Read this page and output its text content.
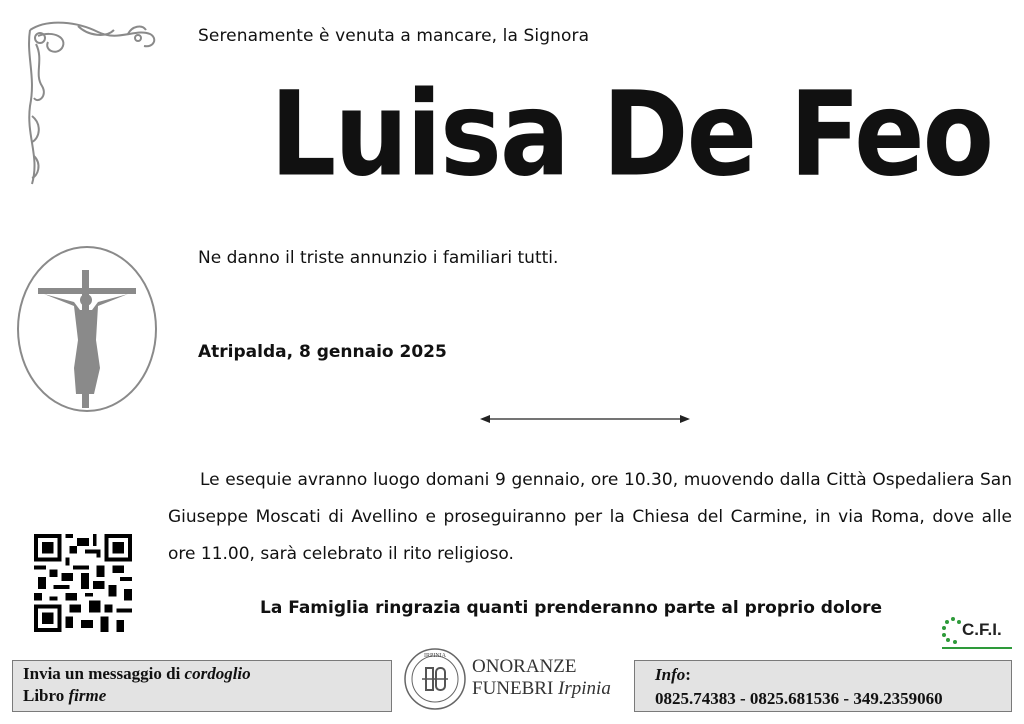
Serenamente è venuta a mancare, la Signora
Luisa De Feo
Ne danno il triste annunzio i familiari tutti.
Atripalda, 8 gennaio 2025
Le esequie avranno luogo domani 9 gennaio, ore 10.30, muovendo dalla Città Ospedaliera San Giuseppe Moscati di Avellino e proseguiranno per la Chiesa del Carmine, in via Roma, dove alle ore 11.00, sarà celebrato il rito religioso.
La Famiglia ringrazia quanti prenderanno parte al proprio dolore
C.F.I.
Invia un messaggio di cordoglio
Libro firme
IRPINIA ONORANZE
FUNEBRI Irpinia
Info:
0825.74383 - 0825.681536 - 349.2359060
